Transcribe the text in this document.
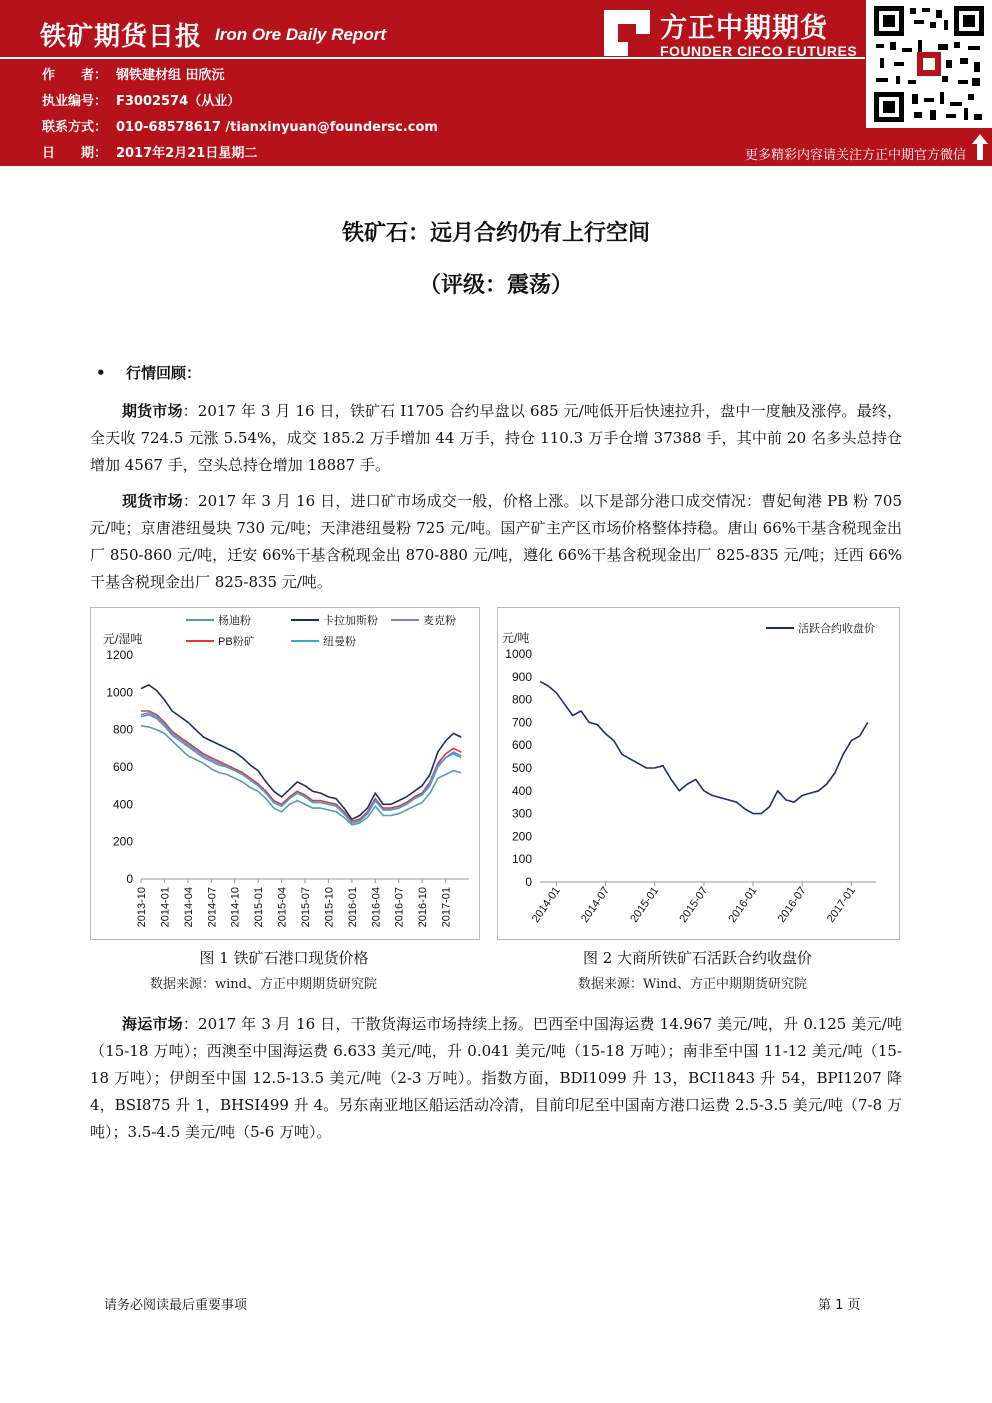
铁矿期货日报 Iron Ore Daily Report
作　　者： 钢铁建材组 田欣沅
执业编号： F3002574（从业）
联系方式： 010-68578617 /tianxinyuan@foundersc.com
日　　期： 2017年2月21日星期二
方正中期期货
FOUNDER CIFCO FUTURES
更多精彩内容请关注方正中期官方微信
铁矿石：远月合约仍有上行空间
（评级：震荡）
• 行情回顾：
期货市场：2017 年 3 月 16 日，铁矿石 I1705 合约早盘以 685 元/吨低开后快速拉升，盘中一度触及涨停。最终，全天收 724.5 元涨 5.54%，成交 185.2 万手增加 44 万手，持仓 110.3 万手仓增 37388 手，其中前 20 名多头总持仓增加 4567 手，空头总持仓增加 18887 手。
现货市场：2017 年 3 月 16 日，进口矿市场成交一般，价格上涨。以下是部分港口成交情况：曹妃甸港 PB 粉 705 元/吨；京唐港纽曼块 730 元/吨；天津港纽曼粉 725 元/吨。国产矿主产区市场价格整体持稳。唐山 66%干基含税现金出厂 850-860 元/吨，迁安 66%干基含税现金出 870-880 元/吨，遵化 66%干基含税现金出厂 825-835 元/吨；迁西 66%干基含税现金出厂 825-835 元/吨。
0
200
400
600
800
1000
1200
元/湿吨
2013-10 2014-01 2014-04 2014-07 2014-10 2015-01 2015-04 2015-07 2015-10 2016-01 2016-04 2016-07 2016-10 2017-01
杨迪粉	卡拉加斯粉	麦克粉
PB粉矿	纽曼粉
0
100
200
300
400
500
600
700
800
900
1000
元/吨
2014-01 2014-07 2015-01 2015-07 2016-01 2016-07 2017-01
活跃合约收盘价
图 1 铁矿石港口现货价格
数据来源：wind、方正中期期货研究院
图 2 大商所铁矿石活跃合约收盘价
数据来源：Wind、方正中期期货研究院
海运市场：2017 年 3 月 16 日，干散货海运市场持续上扬。巴西至中国海运费 14.967 美元/吨，升 0.125 美元/吨（15-18 万吨）；西澳至中国海运费 6.633 美元/吨，升 0.041 美元/吨（15-18 万吨）；南非至中国 11-12 美元/吨（15-18 万吨）；伊朗至中国 12.5-13.5 美元/吨（2-3 万吨）。指数方面，BDI1099 升 13，BCI1843 升 54，BPI1207 降 4，BSI875 升 1，BHSI499 升 4。另东南亚地区船运活动冷清，目前印尼至中国南方港口运费 2.5-3.5 美元/吨（7-8 万吨）；3.5-4.5 美元/吨（5-6 万吨）。
请务必阅读最后重要事项	第 1 页
